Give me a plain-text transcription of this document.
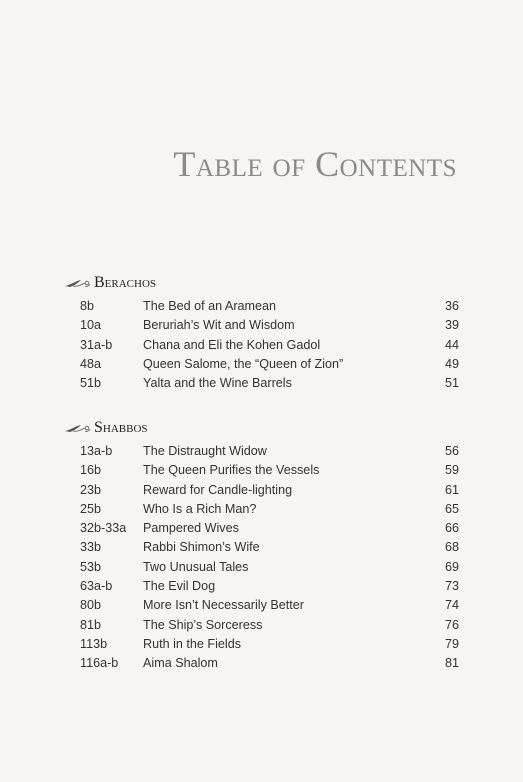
Table of Contents
Berachos
8b	The Bed of an Aramean	36
10a	Beruriah’s Wit and Wisdom	39
31a-b	Chana and Eli the Kohen Gadol	44
48a	Queen Salome, the “Queen of Zion”	49
51b	Yalta and the Wine Barrels	51
Shabbos
13a-b	The Distraught Widow	56
16b	The Queen Purifies the Vessels	59
23b	Reward for Candle-lighting	61
25b	Who Is a Rich Man?	65
32b-33a	Pampered Wives	66
33b	Rabbi Shimon’s Wife	68
53b	Two Unusual Tales	69
63a-b	The Evil Dog	73
80b	More Isn’t Necessarily Better	74
81b	The Ship’s Sorceress	76
113b	Ruth in the Fields	79
116a-b	Aima Shalom	81
